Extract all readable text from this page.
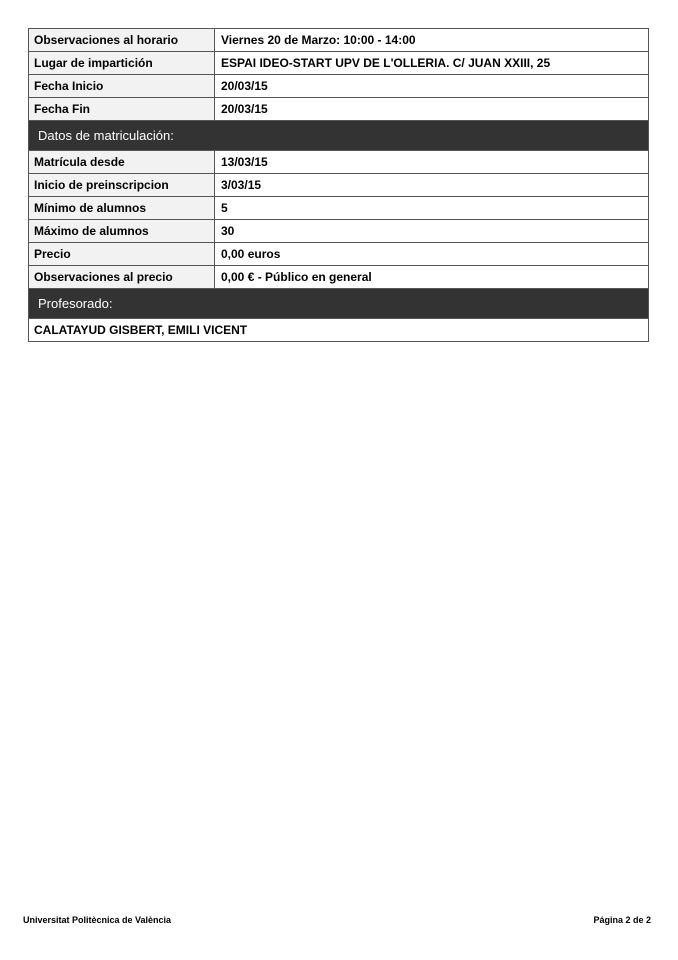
Observaciones al horario	Viernes 20 de Marzo: 10:00 - 14:00
Lugar de impartición	ESPAI IDEO-START UPV DE L'OLLERIA. C/ JUAN XXIII, 25
Fecha Inicio	20/03/15
Fecha Fin	20/03/15
Datos de matriculación:
Matrícula desde	13/03/15
Inicio de preinscripcion	3/03/15
Mínimo de alumnos	5
Máximo de alumnos	30
Precio	0,00 euros
Observaciones al precio	0,00 € - Público en general
Profesorado:
CALATAYUD GISBERT, EMILI VICENT
Universitat Politècnica de València	Página 2 de 2
